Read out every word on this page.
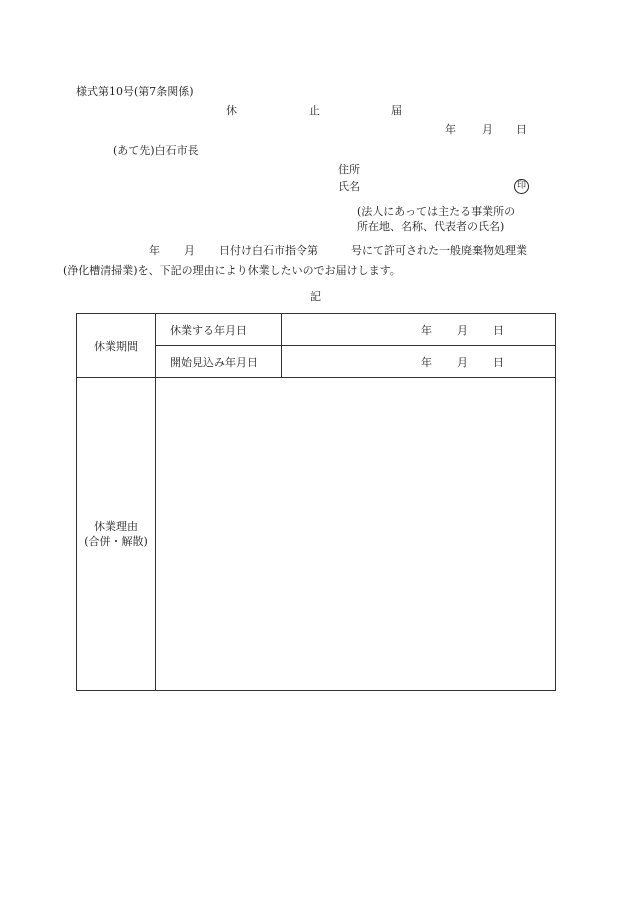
様式第10号(第7条関係)
休	止	届
年 月 日
(あて先)白石市長
住所
氏名	印
(法人にあっては主たる事業所の
所在地、名称、代表者の氏名)
年 月 日付け白石市指令第	号にて許可された一般廃棄物処理業
(浄化槽清掃業)を、下記の理由により休業したいのでお届けします。
記
休業期間	休業する年月日	年 月 日

	開始見込み年月日	年 月 日

休業理由
(合併・解散)		
